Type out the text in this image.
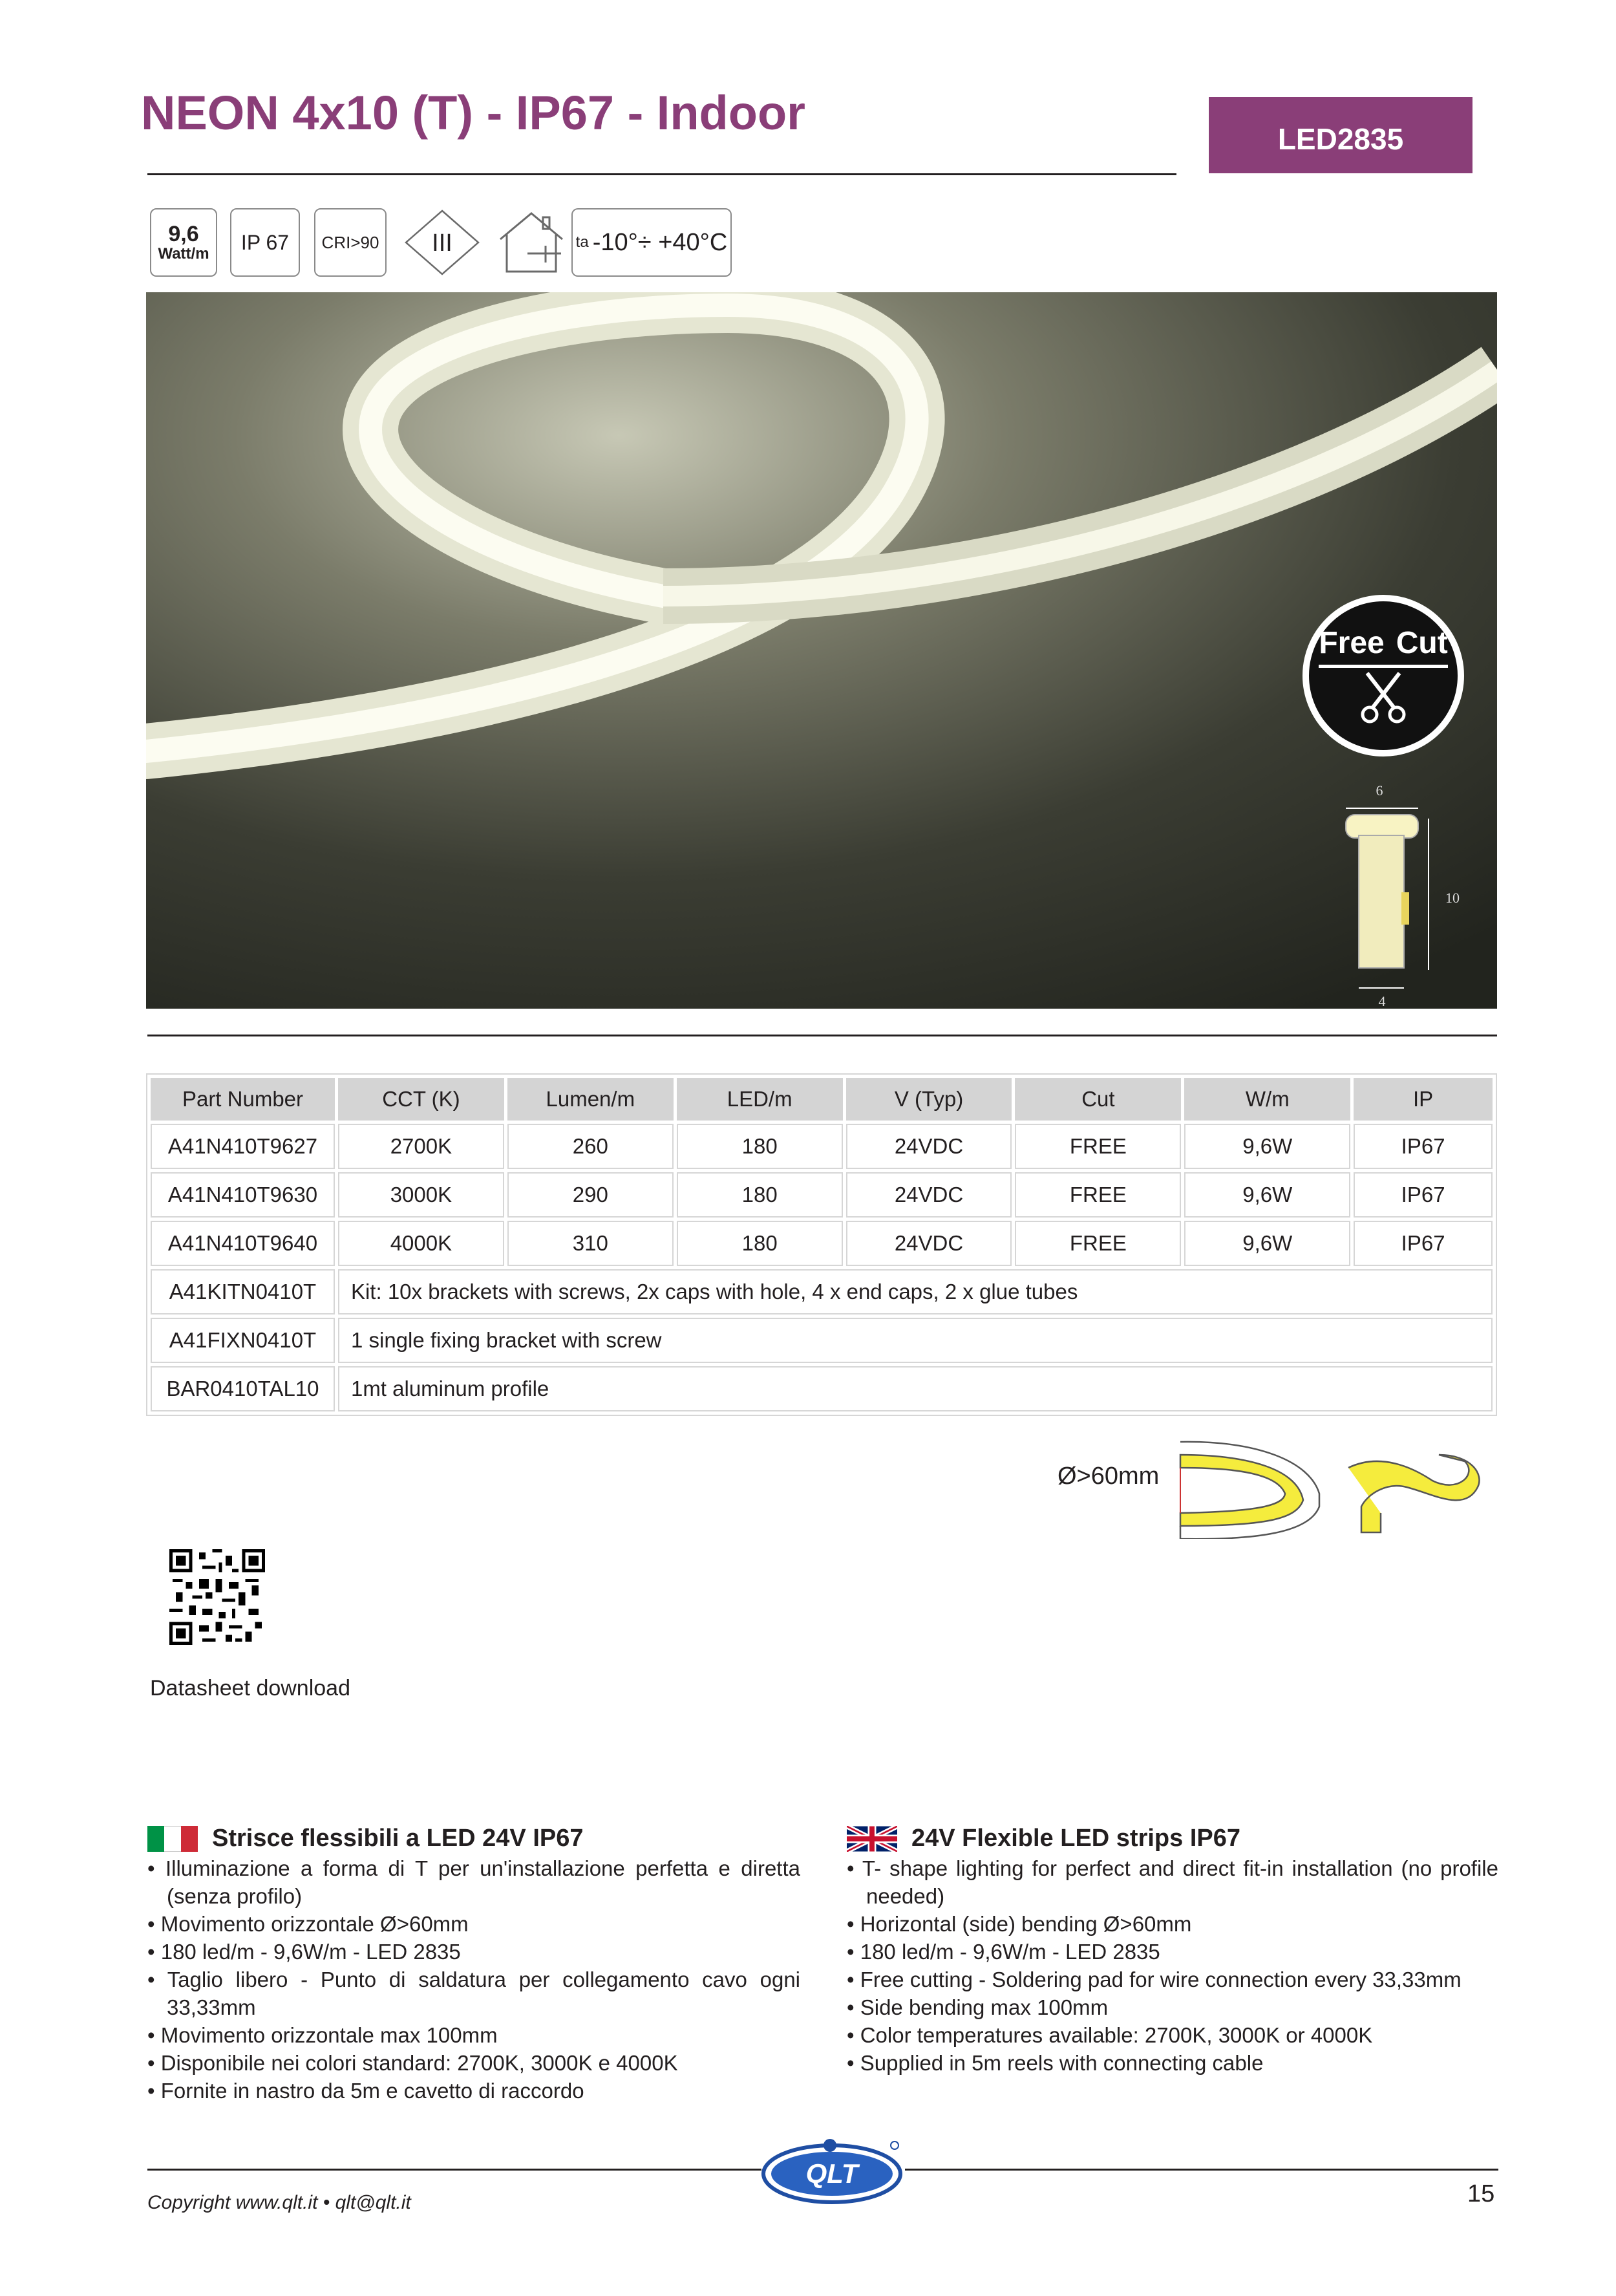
NEON 4x10 (T) - IP67 - Indoor	LED2835
9,6
Watt/m
IP 67 CRI>90 III	ta -10°÷ +40°C
Free Cut
6
10
4
Part Number	CCT (K)	Lumen/m	LED/m	V (Typ)	Cut	W/m	IP
A41N410T9627	2700K	260	180	24VDC	FREE	9,6W	IP67
A41N410T9630	3000K	290	180	24VDC	FREE	9,6W	IP67
A41N410T9640	4000K	310	180	24VDC	FREE	9,6W	IP67
A41KITN0410T	Kit: 10x brackets with screws, 2x caps with hole, 4 x end caps, 2 x glue tubes						
A41FIXN0410T	1 single fixing bracket with screw						
BAR0410TAL10	1mt aluminum profile						
Ø>60mm
Datasheet download
Strisce flessibili a LED 24V IP67
• Illuminazione a forma di T per un'installazione perfetta e diretta (senza profilo)
• Movimento orizzontale Ø>60mm
• 180 led/m - 9,6W/m - LED 2835
• Taglio libero - Punto di saldatura per collegamento cavo ogni 33,33mm
• Movimento orizzontale max 100mm
• Disponibile nei colori standard: 2700K, 3000K e 4000K
• Fornite in nastro da 5m e cavetto di raccordo
24V Flexible LED strips IP67
• T- shape lighting for perfect and direct fit-in installation (no profile needed)
• Horizontal (side) bending Ø>60mm
• 180 led/m - 9,6W/m - LED 2835
• Free cutting - Soldering pad for wire connection every 33,33mm
• Side bending max 100mm
• Color temperatures available: 2700K, 3000K or 4000K
• Supplied in 5m reels with connecting cable
QLT
Copyright www.qlt.it • qlt@qlt.it	15
